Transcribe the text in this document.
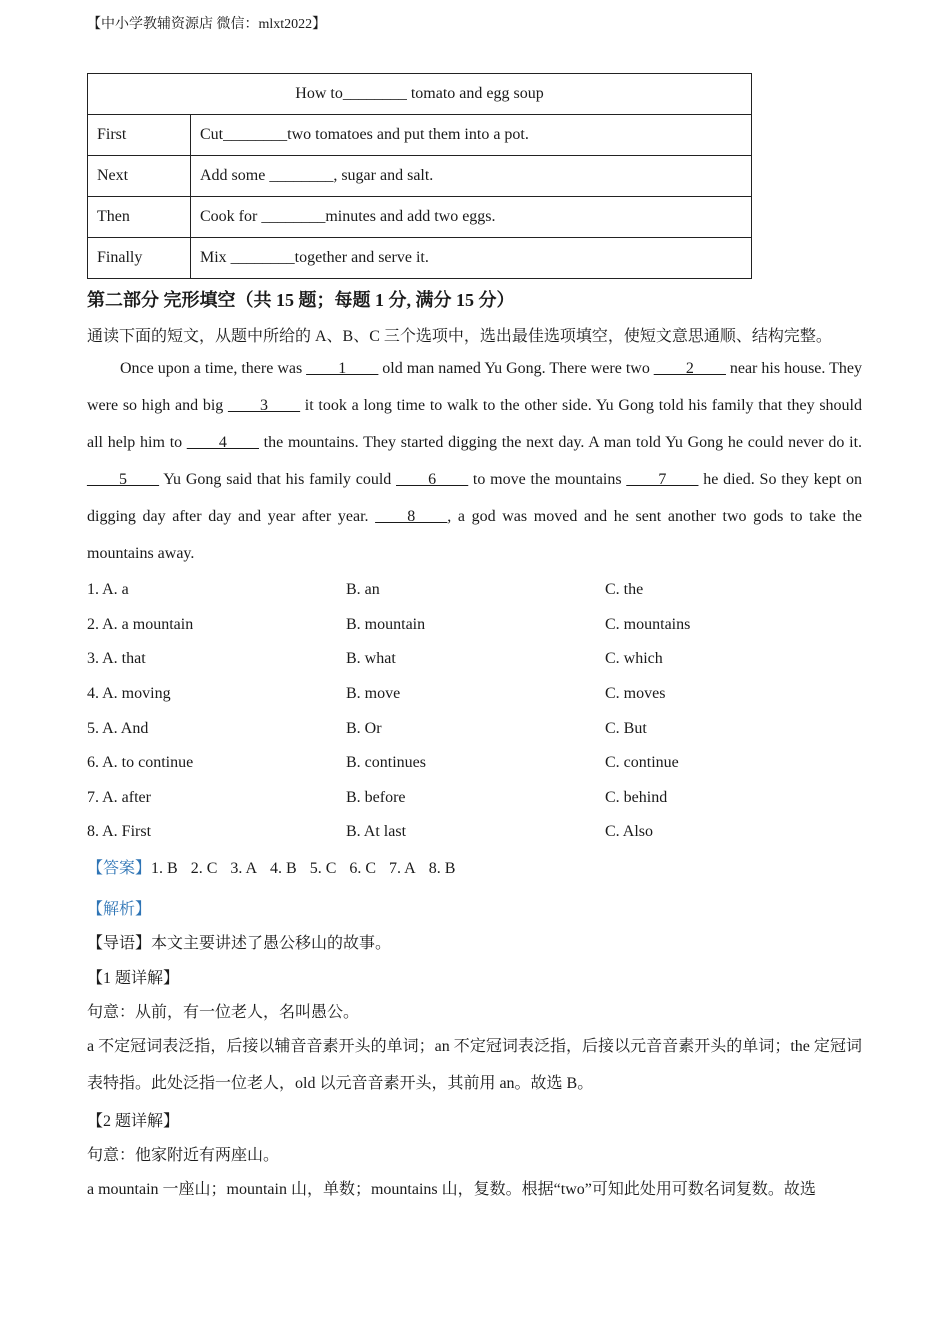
【中小学教辅资源店 微信：mlxt2022】
How to________ tomato and egg soup	
First	Cut________two tomatoes and put them into a pot.
Next	Add some ________, sugar and salt.
Then	Cook for ________minutes and add two eggs.
Finally	Mix ________together and serve it.
第二部分 完形填空（共 15 题；每题 1 分, 满分 15 分）
通读下面的短文，从题中所给的 A、B、C 三个选项中，选出最佳选项填空，使短文意思通顺、结构完整。

Once upon a time, there was ____1____ old man named Yu Gong. There were two ____2____ near his house. They were so high and big ____3____ it took a long time to walk to the other side. Yu Gong told his family that they should all help him to ____4____ the mountains. They started digging the next day. A man told Yu Gong he could never do it. ____5____ Yu Gong said that his family could ____6____ to move the mountains ____7____ he died. So they kept on digging day after day and year after year. ____8____, a god was moved and he sent another two gods to take the mountains away.

1. A. a	B. an	C. the
2. A. a mountain	B. mountain	C. mountains
3. A. that	B. what	C. which
4. A. moving	B. move	C. moves
5. A. And	B. Or	C. But
6. A. to continue	B. continues	C. continue
7. A. after	B. before	C. behind
8. A. First	B. At last	C. Also
【答案】1. B 2. C 3. A 4. B 5. C 6. C 7. A 8. B
【解析】
【导语】本文主要讲述了愚公移山的故事。
【1 题详解】
句意：从前，有一位老人，名叫愚公。

a 不定冠词表泛指，后接以辅音音素开头的单词；an 不定冠词表泛指，后接以元音音素开头的单词；the 定冠词表特指。此处泛指一位老人，old 以元音音素开头，其前用 an。故选 B。

【2 题详解】
句意：他家附近有两座山。

a mountain 一座山；mountain 山，单数；mountains 山，复数。根据“two”可知此处用可数名词复数。故选
